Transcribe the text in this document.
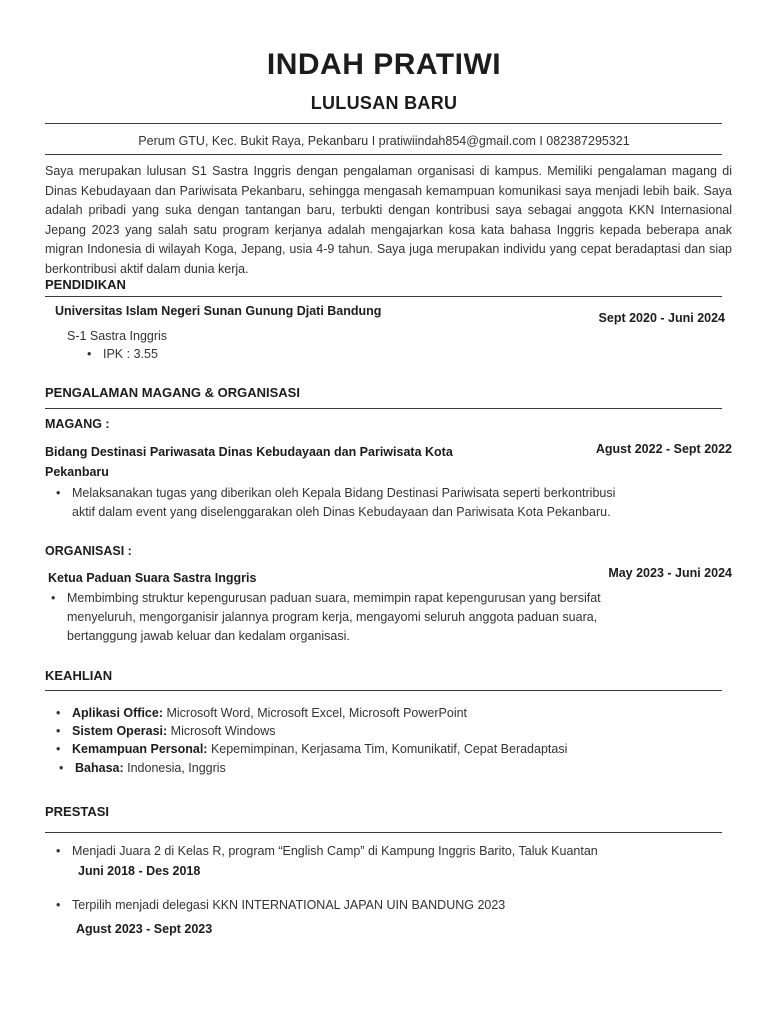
INDAH PRATIWI
LULUSAN BARU
Perum GTU, Kec. Bukit Raya, Pekanbaru I pratiwiindah854@gmail.com I 082387295321
Saya merupakan lulusan S1 Sastra Inggris dengan pengalaman organisasi di kampus. Memiliki pengalaman magang di Dinas Kebudayaan dan Pariwisata Pekanbaru, sehingga mengasah kemampuan komunikasi saya menjadi lebih baik. Saya adalah pribadi yang suka dengan tantangan baru, terbukti dengan kontribusi saya sebagai anggota KKN Internasional Jepang 2023 yang salah satu program kerjanya adalah mengajarkan kosa kata bahasa Inggris kepada beberapa anak migran Indonesia di wilayah Koga, Jepang, usia 4-9 tahun. Saya juga merupakan individu yang cepat beradaptasi dan siap berkontribusi aktif dalam dunia kerja.
PENDIDIKAN
Universitas Islam Negeri Sunan Gunung Djati Bandung	Sept 2020 - Juni 2024
S-1 Sastra Inggris
• IPK : 3.55
PENGALAMAN MAGANG & ORGANISASI
MAGANG :
Bidang Destinasi Pariwasata Dinas Kebudayaan dan Pariwisata Kota
Pekanbaru
Agust 2022 - Sept 2022
• Melaksanakan tugas yang diberikan oleh Kepala Bidang Destinasi Pariwisata seperti berkontribusi
aktif dalam event yang diselenggarakan oleh Dinas Kebudayaan dan Pariwisata Kota Pekanbaru.
ORGANISASI :
Ketua Paduan Suara Sastra Inggris	May 2023 - Juni 2024
• Membimbing struktur kepengurusan paduan suara, memimpin rapat kepengurusan yang bersifat
menyeluruh, mengorganisir jalannya program kerja, mengayomi seluruh anggota paduan suara,
bertanggung jawab keluar dan kedalam organisasi.
KEAHLIAN
• Aplikasi Office: Microsoft Word, Microsoft Excel, Microsoft PowerPoint
• Sistem Operasi: Microsoft Windows
• Kemampuan Personal: Kepemimpinan, Kerjasama Tim, Komunikatif, Cepat Beradaptasi
• Bahasa: Indonesia, Inggris
PRESTASI
• Menjadi Juara 2 di Kelas R, program “English Camp” di Kampung Inggris Barito, Taluk Kuantan
Juni 2018 - Des 2018
• Terpilih menjadi delegasi KKN INTERNATIONAL JAPAN UIN BANDUNG 2023
Agust 2023 - Sept 2023
